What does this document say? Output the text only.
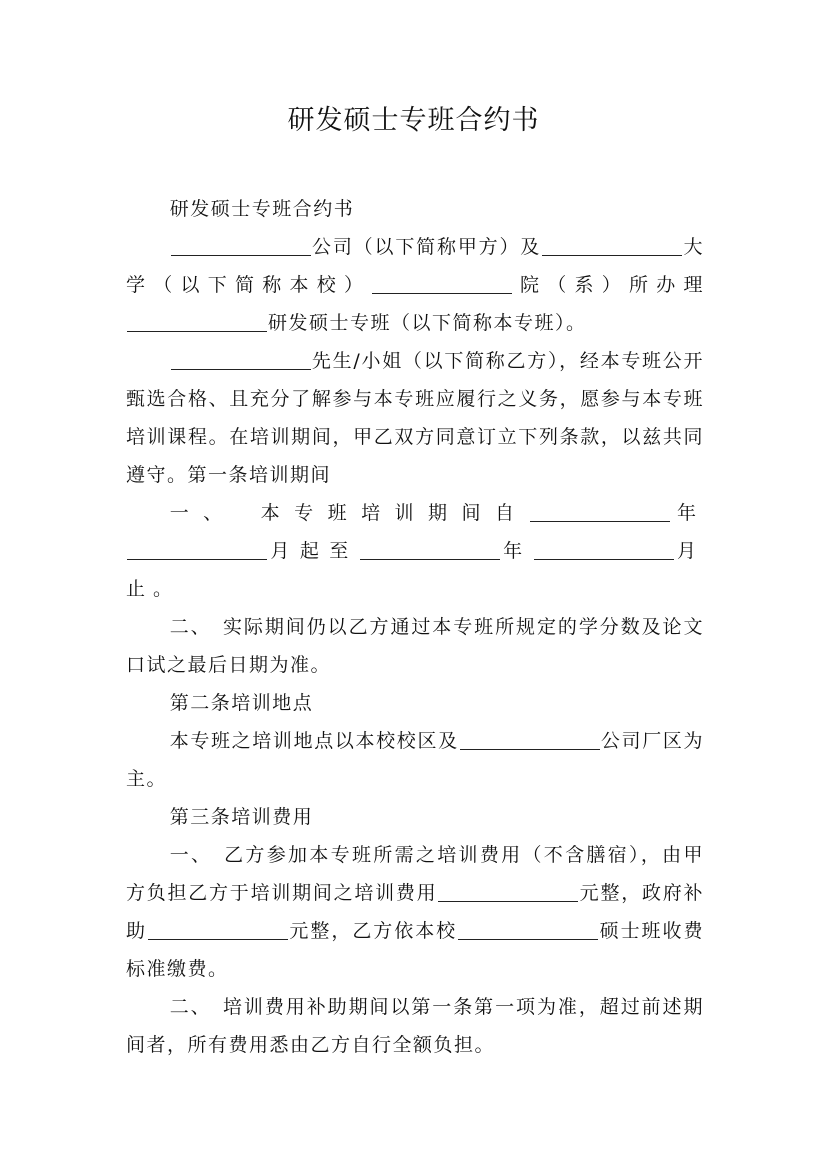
研发硕士专班合约书

研发硕士专班合约书

公司（以下简称甲方）及	大学（以下简称本校）	院（系）所办理研发硕士专班（以下简称本专班）。

先生/小姐（以下简称乙方），经本专班公开甄选合格、且充分了解参与本专班应履行之义务，愿参与本专班培训课程。在培训期间，甲乙双方同意订立下列条款，以兹共同遵守。第一条培训期间

一、　本专班培训期间自	年月起至	年	月止。

二、　实际期间仍以乙方通过本专班所规定的学分数及论文口试之最后日期为准。

第二条培训地点

本专班之培训地点以本校校区及	公司厂区为主。

第三条培训费用

一、　乙方参加本专班所需之培训费用（不含膳宿），由甲方负担乙方于培训期间之培训费用	元整，政府补助	元整，乙方依本校	硕士班收费标准缴费。

二、　培训费用补助期间以第一条第一项为准，超过前述期间者，所有费用悉由乙方自行全额负担。
